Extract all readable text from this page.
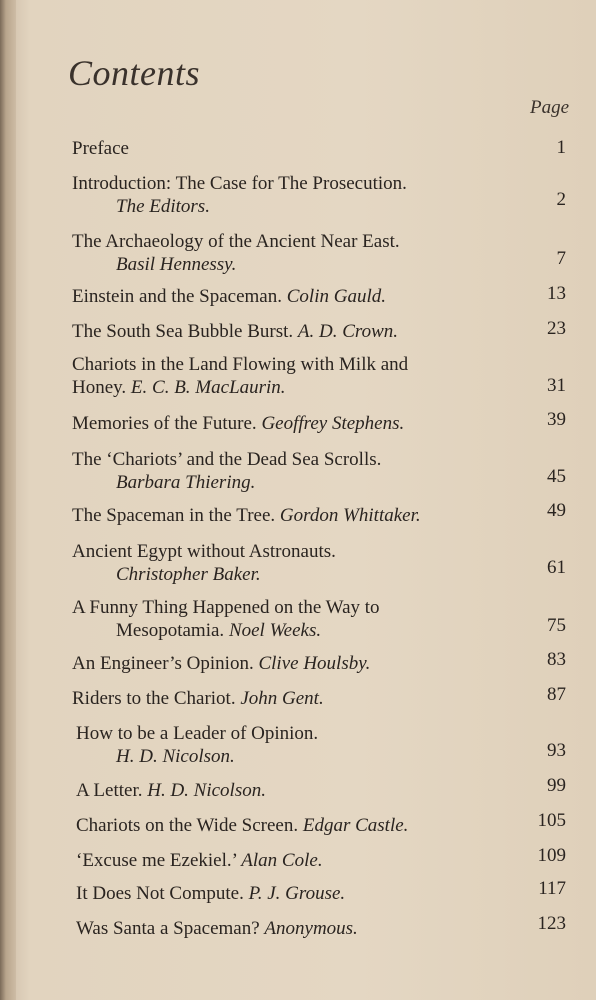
Contents
Page
Preface	1
Introduction: The Case for The Prosecution.
The Editors.	2
The Archaeology of the Ancient Near East.
Basil Hennessy.	7
Einstein and the Spaceman. Colin Gauld.	13
The South Sea Bubble Burst. A. D. Crown.	23
Chariots in the Land Flowing with Milk and
Honey. E. C. B. MacLaurin.	31
Memories of the Future. Geoffrey Stephens.	39
The ‘Chariots’ and the Dead Sea Scrolls.
Barbara Thiering.	45
The Spaceman in the Tree. Gordon Whittaker.	49
Ancient Egypt without Astronauts.
Christopher Baker.	61
A Funny Thing Happened on the Way to
Mesopotamia. Noel Weeks.	75
An Engineer’s Opinion. Clive Houlsby.	83
Riders to the Chariot. John Gent.	87
How to be a Leader of Opinion.
H. D. Nicolson.	93
A Letter. H. D. Nicolson.	99
Chariots on the Wide Screen. Edgar Castle.	105
‘Excuse me Ezekiel.’ Alan Cole.	109
It Does Not Compute. P. J. Grouse.	117
Was Santa a Spaceman? Anonymous.	123
